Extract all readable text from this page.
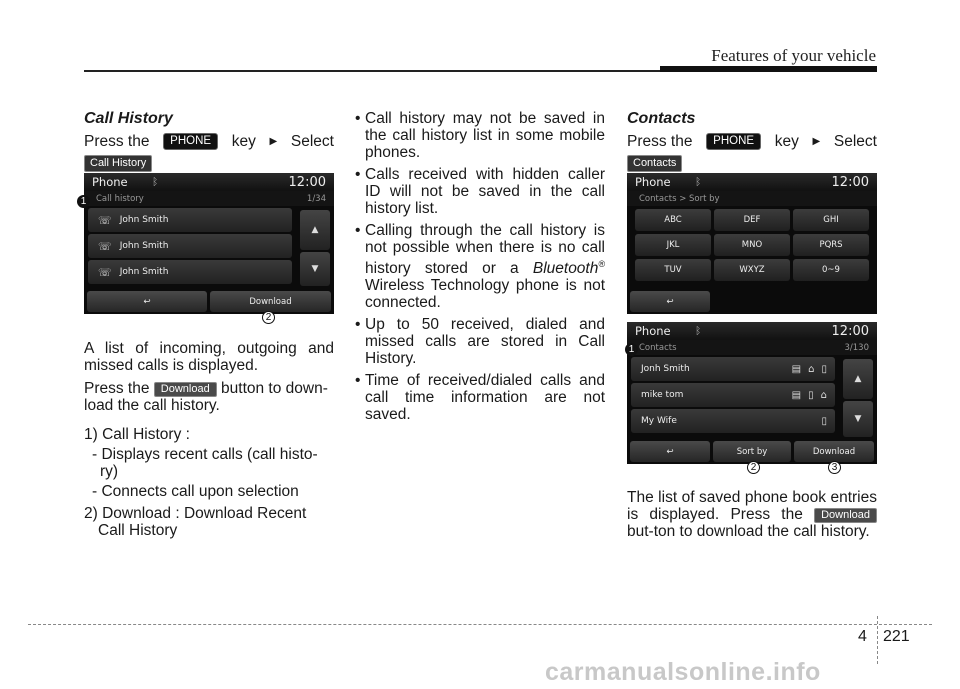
Features of your vehicle
Call History
Press the	PHONE	key ▶ Select
Call History
Phone ᛒ	12:00
Call history	1/34
☏ John Smith
☏ John Smith
☏ John Smith
▲
▼
↩	Download
1
2

A list of incoming, outgoing and missed calls is displayed.

Press the Download button to down-load the call history.

1) Call History :
- Displays recent calls (call histo-ry)
- Connects call upon selection
2) Download : Download Recent Call History
• Call history may not be saved in the call history list in some mobile phones.
• Calls received with hidden caller ID will not be saved in the call history list.
• Calling through the call history is not possible when there is no call history stored or a Bluetooth® Wireless Technology phone is not connected.
• Up to 50 received, dialed and missed calls are stored in Call History.
• Time of received/dialed calls and call time information are not saved.
Contacts
Press the	PHONE	key ▶ Select
Contacts
Phone ᛒ	12:00
Contacts > Sort by
ABC	DEF	GHI
JKL	MNO	PQRS
TUV	WXYZ	0~9
↩
Phone ᛒ	12:00
Contacts	3/130
Jonh Smith	▤ ⌂ ▯
mike tom	▤ ▯ ⌂
My Wife	▯
▲
▼
↩	Sort by	Download
1
2	3

The list of saved phone book entries is displayed. Press the Download but-ton to download the call history.

4 221
carmanualsonline.info
